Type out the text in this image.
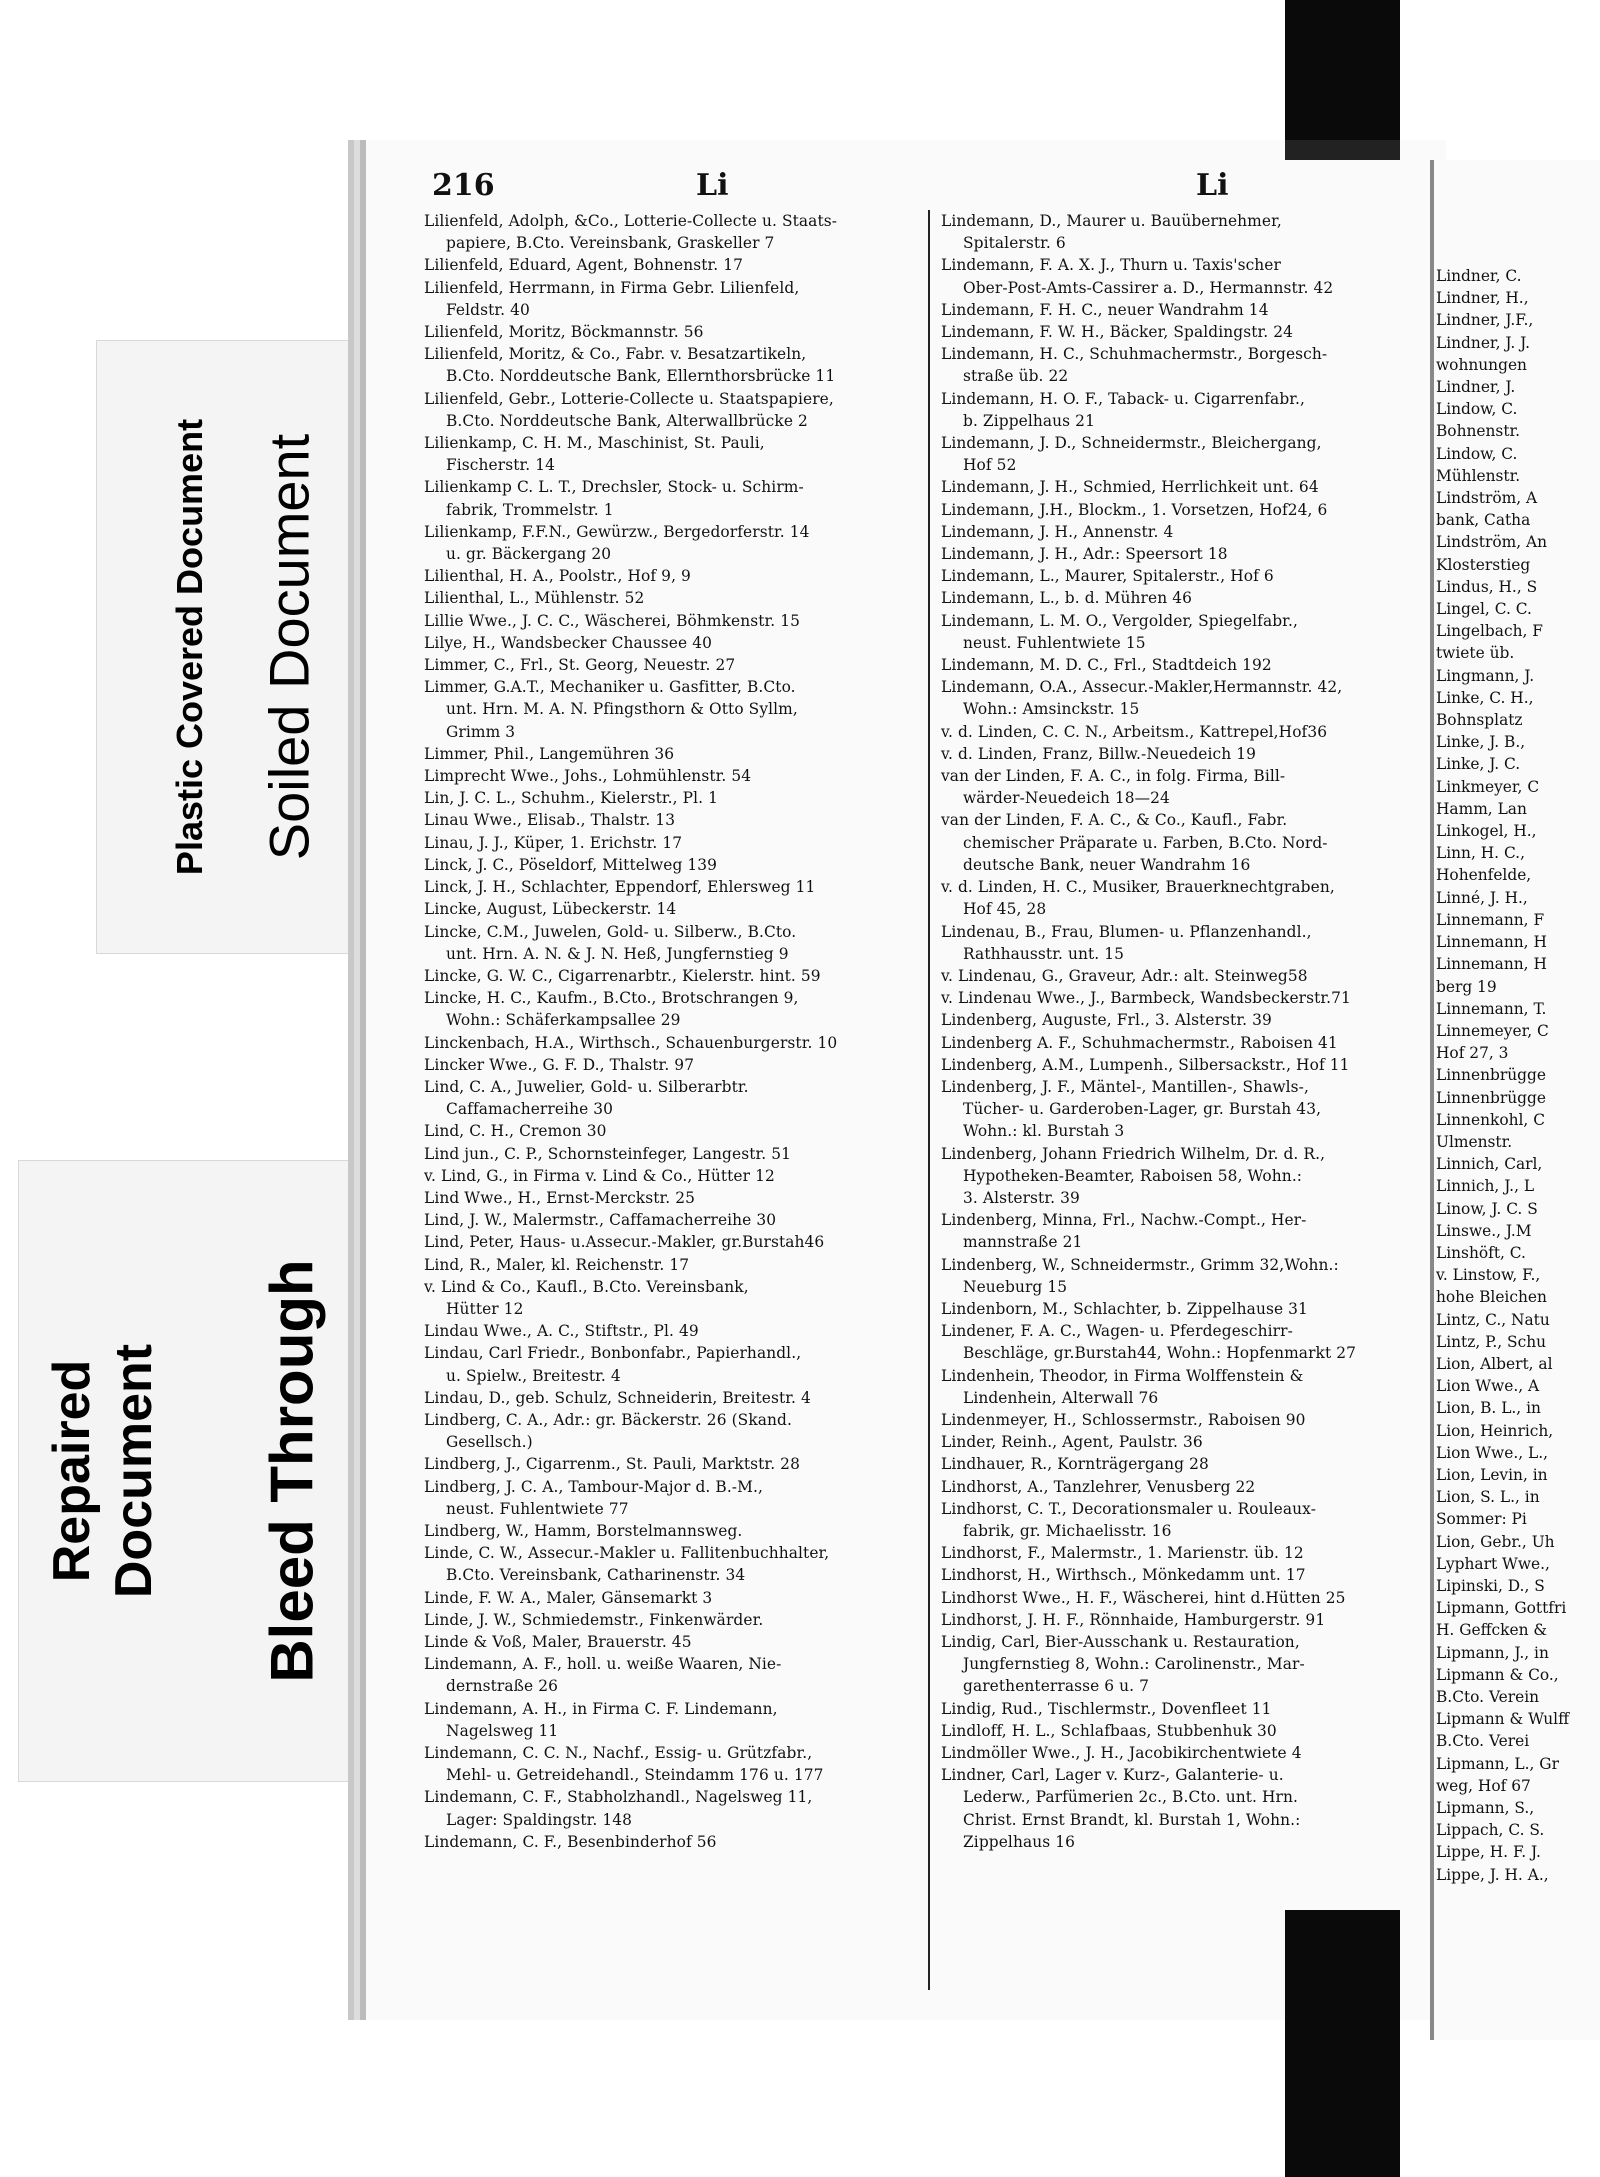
Plastic Covered Document Soiled Document
Repaired Document Bleed Through
216	Li	Li
Lilienfeld, Adolph, &Co., Lotterie-Collecte u. Staats-
papiere, B.Cto. Vereinsbank, Graskeller 7
Lilienfeld, Eduard, Agent, Bohnenstr. 17
Lilienfeld, Herrmann, in Firma Gebr. Lilienfeld,
Feldstr. 40
Lilienfeld, Moritz, Böckmannstr. 56
Lilienfeld, Moritz, & Co., Fabr. v. Besatzartikeln,
B.Cto. Norddeutsche Bank, Ellernthorsbrücke 11
Lilienfeld, Gebr., Lotterie-Collecte u. Staatspapiere,
B.Cto. Norddeutsche Bank, Alterwallbrücke 2
Lilienkamp, C. H. M., Maschinist, St. Pauli,
Fischerstr. 14
Lilienkamp C. L. T., Drechsler, Stock- u. Schirm-
fabrik, Trommelstr. 1
Lilienkamp, F.F.N., Gewürzw., Bergedorferstr. 14
u. gr. Bäckergang 20
Lilienthal, H. A., Poolstr., Hof 9, 9
Lilienthal, L., Mühlenstr. 52
Lillie Wwe., J. C. C., Wäscherei, Böhmkenstr. 15
Lilye, H., Wandsbecker Chaussee 40
Limmer, C., Frl., St. Georg, Neuestr. 27
Limmer, G.A.T., Mechaniker u. Gasfitter, B.Cto.
unt. Hrn. M. A. N. Pfingsthorn & Otto Syllm,
Grimm 3
Limmer, Phil., Langemühren 36
Limprecht Wwe., Johs., Lohmühlenstr. 54
Lin, J. C. L., Schuhm., Kielerstr., Pl. 1
Linau Wwe., Elisab., Thalstr. 13
Linau, J. J., Küper, 1. Erichstr. 17
Linck, J. C., Pöseldorf, Mittelweg 139
Linck, J. H., Schlachter, Eppendorf, Ehlersweg 11
Lincke, August, Lübeckerstr. 14
Lincke, C.M., Juwelen, Gold- u. Silberw., B.Cto.
unt. Hrn. A. N. & J. N. Heß, Jungfernstieg 9
Lincke, G. W. C., Cigarrenarbtr., Kielerstr. hint. 59
Lincke, H. C., Kaufm., B.Cto., Brotschrangen 9,
Wohn.: Schäferkampsallee 29
Linckenbach, H.A., Wirthsch., Schauenburgerstr. 10
Lincker Wwe., G. F. D., Thalstr. 97
Lind, C. A., Juwelier, Gold- u. Silberarbtr.
Caffamacherreihe 30
Lind, C. H., Cremon 30
Lind jun., C. P., Schornsteinfeger, Langestr. 51
v. Lind, G., in Firma v. Lind & Co., Hütter 12
Lind Wwe., H., Ernst-Merckstr. 25
Lind, J. W., Malermstr., Caffamacherreihe 30
Lind, Peter, Haus- u.Assecur.-Makler, gr.Burstah46
Lind, R., Maler, kl. Reichenstr. 17
v. Lind & Co., Kaufl., B.Cto. Vereinsbank,
Hütter 12
Lindau Wwe., A. C., Stiftstr., Pl. 49
Lindau, Carl Friedr., Bonbonfabr., Papierhandl.,
u. Spielw., Breitestr. 4
Lindau, D., geb. Schulz, Schneiderin, Breitestr. 4
Lindberg, C. A., Adr.: gr. Bäckerstr. 26 (Skand.
Gesellsch.)
Lindberg, J., Cigarrenm., St. Pauli, Marktstr. 28
Lindberg, J. C. A., Tambour-Major d. B.-M.,
neust. Fuhlentwiete 77
Lindberg, W., Hamm, Borstelmannsweg.
Linde, C. W., Assecur.-Makler u. Fallitenbuchhalter,
B.Cto. Vereinsbank, Catharinenstr. 34
Linde, F. W. A., Maler, Gänsemarkt 3
Linde, J. W., Schmiedemstr., Finkenwärder.
Linde & Voß, Maler, Brauerstr. 45
Lindemann, A. F., holl. u. weiße Waaren, Nie-
dernstraße 26
Lindemann, A. H., in Firma C. F. Lindemann,
Nagelsweg 11
Lindemann, C. C. N., Nachf., Essig- u. Grützfabr.,
Mehl- u. Getreidehandl., Steindamm 176 u. 177
Lindemann, C. F., Stabholzhandl., Nagelsweg 11,
Lager: Spaldingstr. 148
Lindemann, C. F., Besenbinderhof 56
Lindemann, D., Maurer u. Bauübernehmer,
Spitalerstr. 6
Lindemann, F. A. X. J., Thurn u. Taxis'scher
Ober-Post-Amts-Cassirer a. D., Hermannstr. 42
Lindemann, F. H. C., neuer Wandrahm 14
Lindemann, F. W. H., Bäcker, Spaldingstr. 24
Lindemann, H. C., Schuhmachermstr., Borgesch-
straße üb. 22
Lindemann, H. O. F., Taback- u. Cigarrenfabr.,
b. Zippelhaus 21
Lindemann, J. D., Schneidermstr., Bleichergang,
Hof 52
Lindemann, J. H., Schmied, Herrlichkeit unt. 64
Lindemann, J.H., Blockm., 1. Vorsetzen, Hof24, 6
Lindemann, J. H., Annenstr. 4
Lindemann, J. H., Adr.: Speersort 18
Lindemann, L., Maurer, Spitalerstr., Hof 6
Lindemann, L., b. d. Mühren 46
Lindemann, L. M. O., Vergolder, Spiegelfabr.,
neust. Fuhlentwiete 15
Lindemann, M. D. C., Frl., Stadtdeich 192
Lindemann, O.A., Assecur.-Makler,Hermannstr. 42,
Wohn.: Amsinckstr. 15
v. d. Linden, C. C. N., Arbeitsm., Kattrepel,Hof36
v. d. Linden, Franz, Billw.-Neuedeich 19
van der Linden, F. A. C., in folg. Firma, Bill-
wärder-Neuedeich 18—24
van der Linden, F. A. C., & Co., Kaufl., Fabr.
chemischer Präparate u. Farben, B.Cto. Nord-
deutsche Bank, neuer Wandrahm 16
v. d. Linden, H. C., Musiker, Brauerknechtgraben,
Hof 45, 28
Lindenau, B., Frau, Blumen- u. Pflanzenhandl.,
Rathhausstr. unt. 15
v. Lindenau, G., Graveur, Adr.: alt. Steinweg58
v. Lindenau Wwe., J., Barmbeck, Wandsbeckerstr.71
Lindenberg, Auguste, Frl., 3. Alsterstr. 39
Lindenberg A. F., Schuhmachermstr., Raboisen 41
Lindenberg, A.M., Lumpenh., Silbersackstr., Hof 11
Lindenberg, J. F., Mäntel-, Mantillen-, Shawls-,
Tücher- u. Garderoben-Lager, gr. Burstah 43,
Wohn.: kl. Burstah 3
Lindenberg, Johann Friedrich Wilhelm, Dr. d. R.,
Hypotheken-Beamter, Raboisen 58, Wohn.:
3. Alsterstr. 39
Lindenberg, Minna, Frl., Nachw.-Compt., Her-
mannstraße 21
Lindenberg, W., Schneidermstr., Grimm 32,Wohn.:
Neueburg 15
Lindenborn, M., Schlachter, b. Zippelhause 31
Lindener, F. A. C., Wagen- u. Pferdegeschirr-
Beschläge, gr.Burstah44, Wohn.: Hopfenmarkt 27
Lindenhein, Theodor, in Firma Wolffenstein &
Lindenhein, Alterwall 76
Lindenmeyer, H., Schlossermstr., Raboisen 90
Linder, Reinh., Agent, Paulstr. 36
Lindhauer, R., Kornträgergang 28
Lindhorst, A., Tanzlehrer, Venusberg 22
Lindhorst, C. T., Decorationsmaler u. Rouleaux-
fabrik, gr. Michaelisstr. 16
Lindhorst, F., Malermstr., 1. Marienstr. üb. 12
Lindhorst, H., Wirthsch., Mönkedamm unt. 17
Lindhorst Wwe., H. F., Wäscherei, hint d.Hütten 25
Lindhorst, J. H. F., Rönnhaide, Hamburgerstr. 91
Lindig, Carl, Bier-Ausschank u. Restauration,
Jungfernstieg 8, Wohn.: Carolinenstr., Mar-
garethenterrasse 6 u. 7
Lindig, Rud., Tischlermstr., Dovenfleet 11
Lindloff, H. L., Schlafbaas, Stubbenhuk 30
Lindmöller Wwe., J. H., Jacobikirchentwiete 4
Lindner, Carl, Lager v. Kurz-, Galanterie- u.
Lederw., Parfümerien 2c., B.Cto. unt. Hrn.
Christ. Ernst Brandt, kl. Burstah 1, Wohn.:
Zippelhaus 16
Lindner, C.
Lindner, H.,
Lindner, J.F.,
Lindner, J. J.
wohnungen
Lindner, J.
Lindow, C.
Bohnenstr.
Lindow, C.
Mühlenstr.
Lindström, A
bank, Catha
Lindström, An
Klosterstieg
Lindus, H., S
Lingel, C. C.
Lingelbach, F
twiete üb.
Lingmann, J.
Linke, C. H.,
Bohnsplatz
Linke, J. B.,
Linke, J. C.
Linkmeyer, C
Hamm, Lan
Linkogel, H.,
Linn, H. C.,
Hohenfelde,
Linné, J. H.,
Linnemann, F
Linnemann, H
Linnemann, H
berg 19
Linnemann, T.
Linnemeyer, C
Hof 27, 3
Linnenbrügge
Linnenbrügge
Linnenkohl, C
Ulmenstr.
Linnich, Carl,
Linnich, J., L
Linow, J. C. S
Linswe., J.M
Linshöft, C.
v. Linstow, F.,
hohe Bleichen
Lintz, C., Natu
Lintz, P., Schu
Lion, Albert, al
Lion Wwe., A
Lion, B. L., in
Lion, Heinrich,
Lion Wwe., L.,
Lion, Levin, in
Lion, S. L., in
Sommer: Pi
Lion, Gebr., Uh
Lyphart Wwe.,
Lipinski, D., S
Lipmann, Gottfri
H. Geffcken &
Lipmann, J., in
Lipmann & Co.,
B.Cto. Verein
Lipmann & Wulff
B.Cto. Verei
Lipmann, L., Gr
weg, Hof 67
Lipmann, S.,
Lippach, C. S.
Lippe, H. F. J.
Lippe, J. H. A.,
